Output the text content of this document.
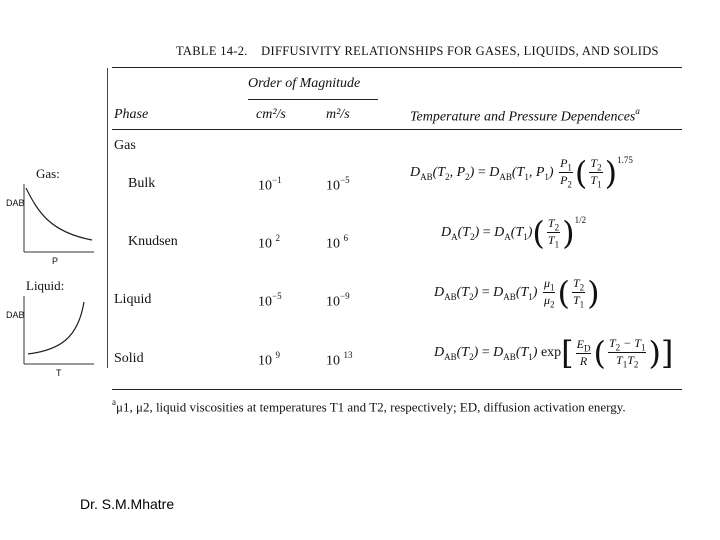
TABLE 14-2. DIFFUSIVITY RELATIONSHIPS FOR GASES, LIQUIDS, AND SOLIDS
Order of Magnitude
Phase	cm²/s	m²/s	Temperature and Pressure Dependences$^a$
Gas
Bulk	$10^{-1}$	$10^{-5}$	$D_{AB}(T_2$, $P_2) = D_{AB}(T_1$, $P_1) \frac{P_1}{P_2}$ ( $\frac{T_2}{T_1} )^{1.75}$
Knudsen	10 $^2$	10 $^6$	$D_A(T_2) = D_A(T_1)( \frac{T_2}{T_1} )^{1/2}$
Liquid	$10^{-5}$	$10^{-9}$	$D_{AB}(T_2) = D_{AB}(T_1) \frac{\mu_1}{\mu_2}$ ( $\frac{T_2}{T_1}$ )
Solid	10 $^9$	10 $^{13}$	$D_{AB}(T_2) = D_{AB}(T_1)$ $\exp[ \frac{E_D}{R}$ ( $\frac{T_2 - T_1}{T_1T_2}$ )]
$^a$μ1, μ2, liquid viscosities at temperatures T1 and T2, respectively; ED, diffusion activation energy.
Gas:
DAB
P
Liquid:
DAB
T
Dr. S.M.Mhatre
